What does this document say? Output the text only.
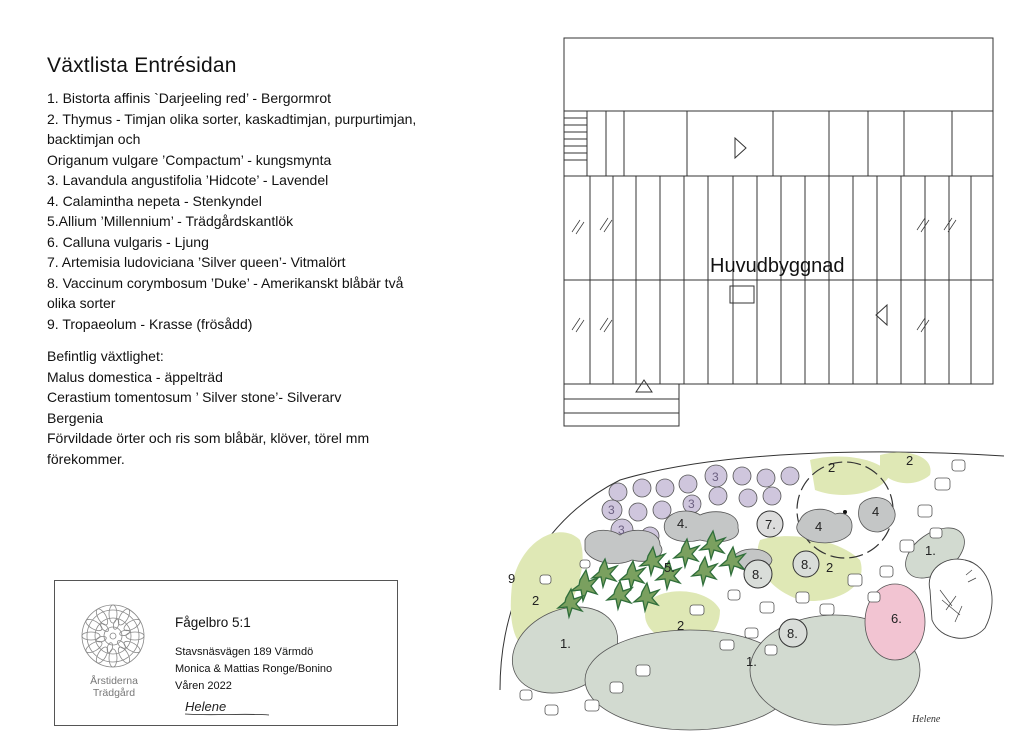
Växtlista Entrésidan

1. Bistorta affinis `Darjeeling red’ - Bergormrot

2. Thymus - Timjan olika sorter, kaskadtimjan, purpurtimjan,

backtimjan och

Origanum vulgare ’Compactum’ - kungsmynta

3. Lavandula angustifolia ’Hidcote’ - Lavendel

4. Calamintha nepeta - Stenkyndel

5.Allium ’Millennium’ - Trädgårdskantlök

6. Calluna vulgaris - Ljung

7. Artemisia ludoviciana ’Silver queen’- Vitmalört

8. Vaccinum corymbosum ’Duke’ - Amerikanskt blåbär två

olika sorter

9. Tropaeolum - Krasse (frösådd)

Befintlig växtlighet:

Malus domestica - äppelträd

Cerastium tomentosum ’ Silver stone’- Silverarv

Bergenia

Förvildade örter och ris som blåbär, klöver, törel mm

förekommer.

Årstiderna
Trädgård
Fågelbro 5:1
Stavsnäsvägen 189 Värmdö
Monica & Mattias Ronge/Bonino
Våren 2022
Helene
Huvudbyggnad
1.
1.
1.
2
2
2
2	2
3
3
3
3
4.	4
4
5.
6.
7.
8.
8.
8.
9
Helene
